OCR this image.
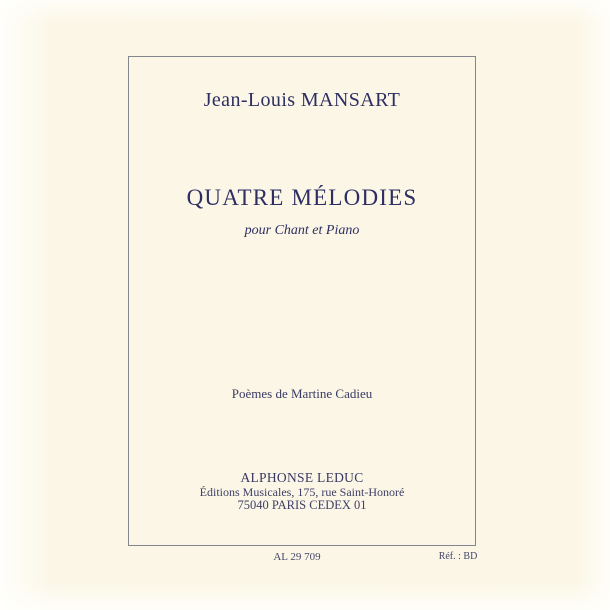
Jean-Louis MANSART
QUATRE MÉLODIES
pour Chant et Piano
Poèmes de Martine Cadieu
ALPHONSE LEDUC
Éditions Musicales, 175, rue Saint-Honoré
75040 PARIS CEDEX 01
AL 29 709	Réf. : BD
